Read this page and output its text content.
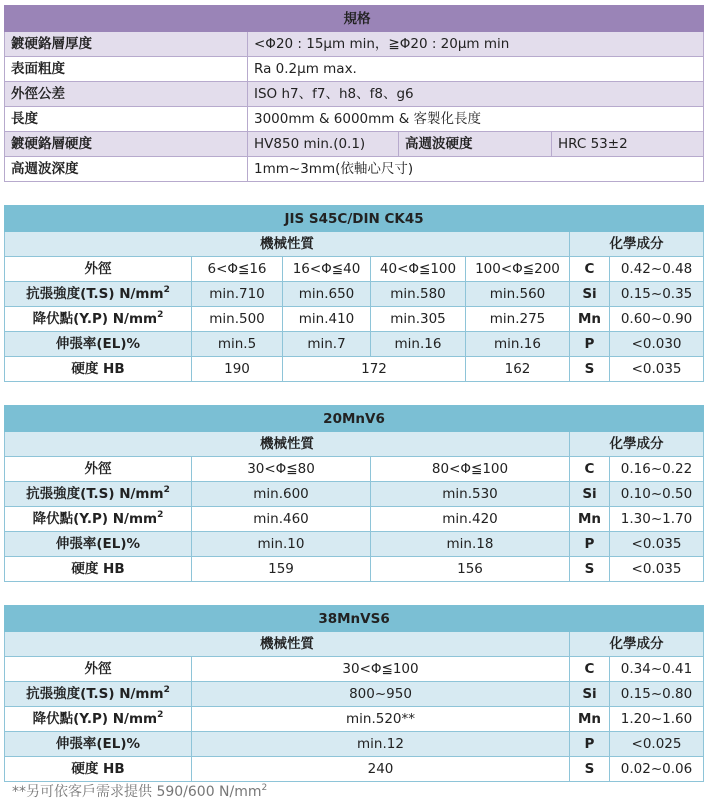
規格			
鍍硬鉻層厚度	<Φ20 : 15μm min，≧Φ20 : 20μm min		
表面粗度	Ra 0.2μm max.		
外徑公差	ISO h7、f7、h8、f8、g6		
長度	3000mm & 6000mm & 客製化長度		
鍍硬鉻層硬度	HV850 min.(0.1)	高週波硬度	HRC 53±2
高週波深度	1mm~3mm(依軸心尺寸)		
JIS S45C/DIN CK45						
機械性質					化學成分	
外徑	6<Φ≦16	16<Φ≦40	40<Φ≦100	100<Φ≦200	C	0.42~0.48
抗張強度(T.S) $N/mm^2$	min.710	min.650	min.580	min.560	Si	0.15~0.35
降伏點(Y.P) $N/mm^2$	min.500	min.410	min.305	min.275	Mn	0.60~0.90
伸張率(EL)%	min.5	min.7	min.16	min.16	P	<0.030
硬度 HB	190	172		162	S	<0.035
20MnV6				
機械性質			化學成分	
外徑	30<Φ≦80	80<Φ≦100	C	0.16~0.22
抗張強度(T.S) $N/mm^2$	min.600	min.530	Si	0.10~0.50
降伏點(Y.P) $N/mm^2$	min.460	min.420	Mn	1.30~1.70
伸張率(EL)%	min.10	min.18	P	<0.035
硬度 HB	159	156	S	<0.035
38MnVS6			
機械性質		化學成分	
外徑	30<Φ≦100	C	0.34~0.41
抗張強度(T.S) $N/mm^2$	800~950	Si	0.15~0.80
降伏點(Y.P) $N/mm^2$	min.520**	Mn	1.20~1.60
伸張率(EL)%	min.12	P	<0.025
硬度 HB	240	S	0.02~0.06
**另可依客戶需求提供 590/600 $N/mm^2$
